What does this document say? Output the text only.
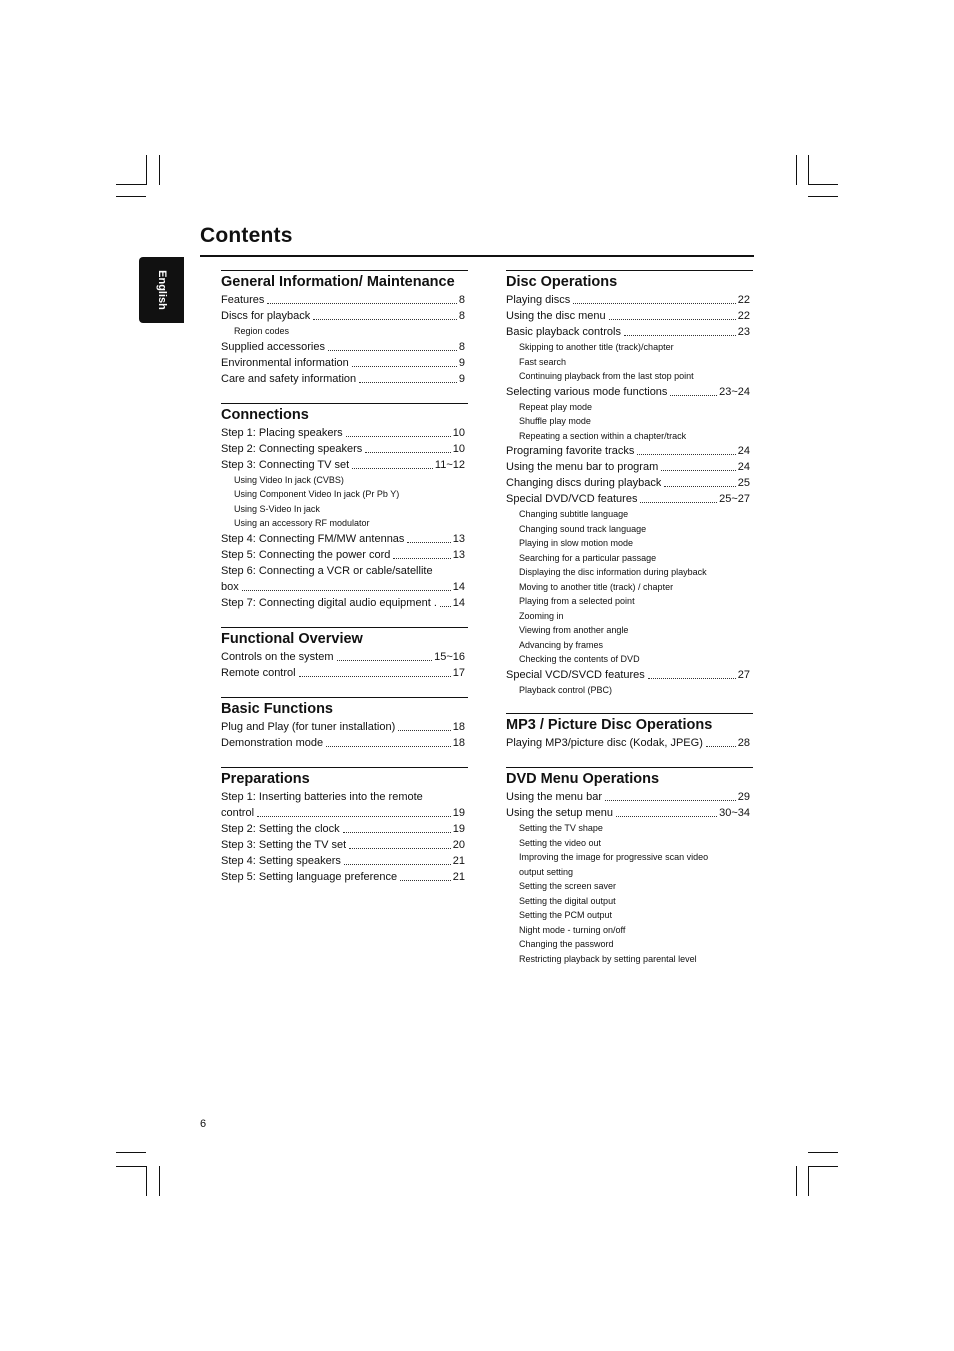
Contents
English	General Information/ Maintenance
Features	8
Discs for playback	8
Region codes
Supplied accessories	8
Environmental information	9
Care and safety information	9
Connections
Step 1: Placing speakers	10
Step 2: Connecting speakers	10
Step 3: Connecting TV set	11~12
Using Video In jack (CVBS)
Using Component Video In jack (Pr Pb Y)
Using S-Video In jack
Using an accessory RF modulator
Step 4: Connecting FM/MW antennas	13
Step 5: Connecting the power cord	13
Step 6: Connecting a VCR or cable/satellite
box	14
Step 7: Connecting digital audio equipment . 14
Functional Overview
Controls on the system	15~16
Remote control	17
Basic Functions
Plug and Play (for tuner installation)	18
Demonstration mode	18
Preparations
Step 1: Inserting batteries into the remote
control	19
Step 2: Setting the clock	19
Step 3: Setting the TV set	20
Step 4: Setting speakers	21
Step 5: Setting language preference	21
Disc Operations
Playing discs	22
Using the disc menu	22
Basic playback controls	23
Skipping to another title (track)/chapter
Fast search
Continuing playback from the last stop point
Selecting various mode functions	23~24
Repeat play mode
Shuffle play mode
Repeating a section within a chapter/track
Programing favorite tracks	24
Using the menu bar to program	24
Changing discs during playback	25
Special DVD/VCD features	25~27
Changing subtitle language
Changing sound track language
Playing in slow motion mode
Searching for a particular passage
Displaying the disc information during playback
Moving to another title (track) / chapter
Playing from a selected point
Zooming in
Viewing from another angle
Advancing by frames
Checking the contents of DVD
Special VCD/SVCD features	27
Playback control (PBC)
MP3 / Picture Disc Operations
Playing MP3/picture disc (Kodak, JPEG)	28
DVD Menu Operations
Using the menu bar	29
Using the setup menu	30~34
Setting the TV shape
Setting the video out
Improving the image for progressive scan video
output setting
Setting the screen saver
Setting the digital output
Setting the PCM output
Night mode - turning on/off
Changing the password
Restricting playback by setting parental level
6
